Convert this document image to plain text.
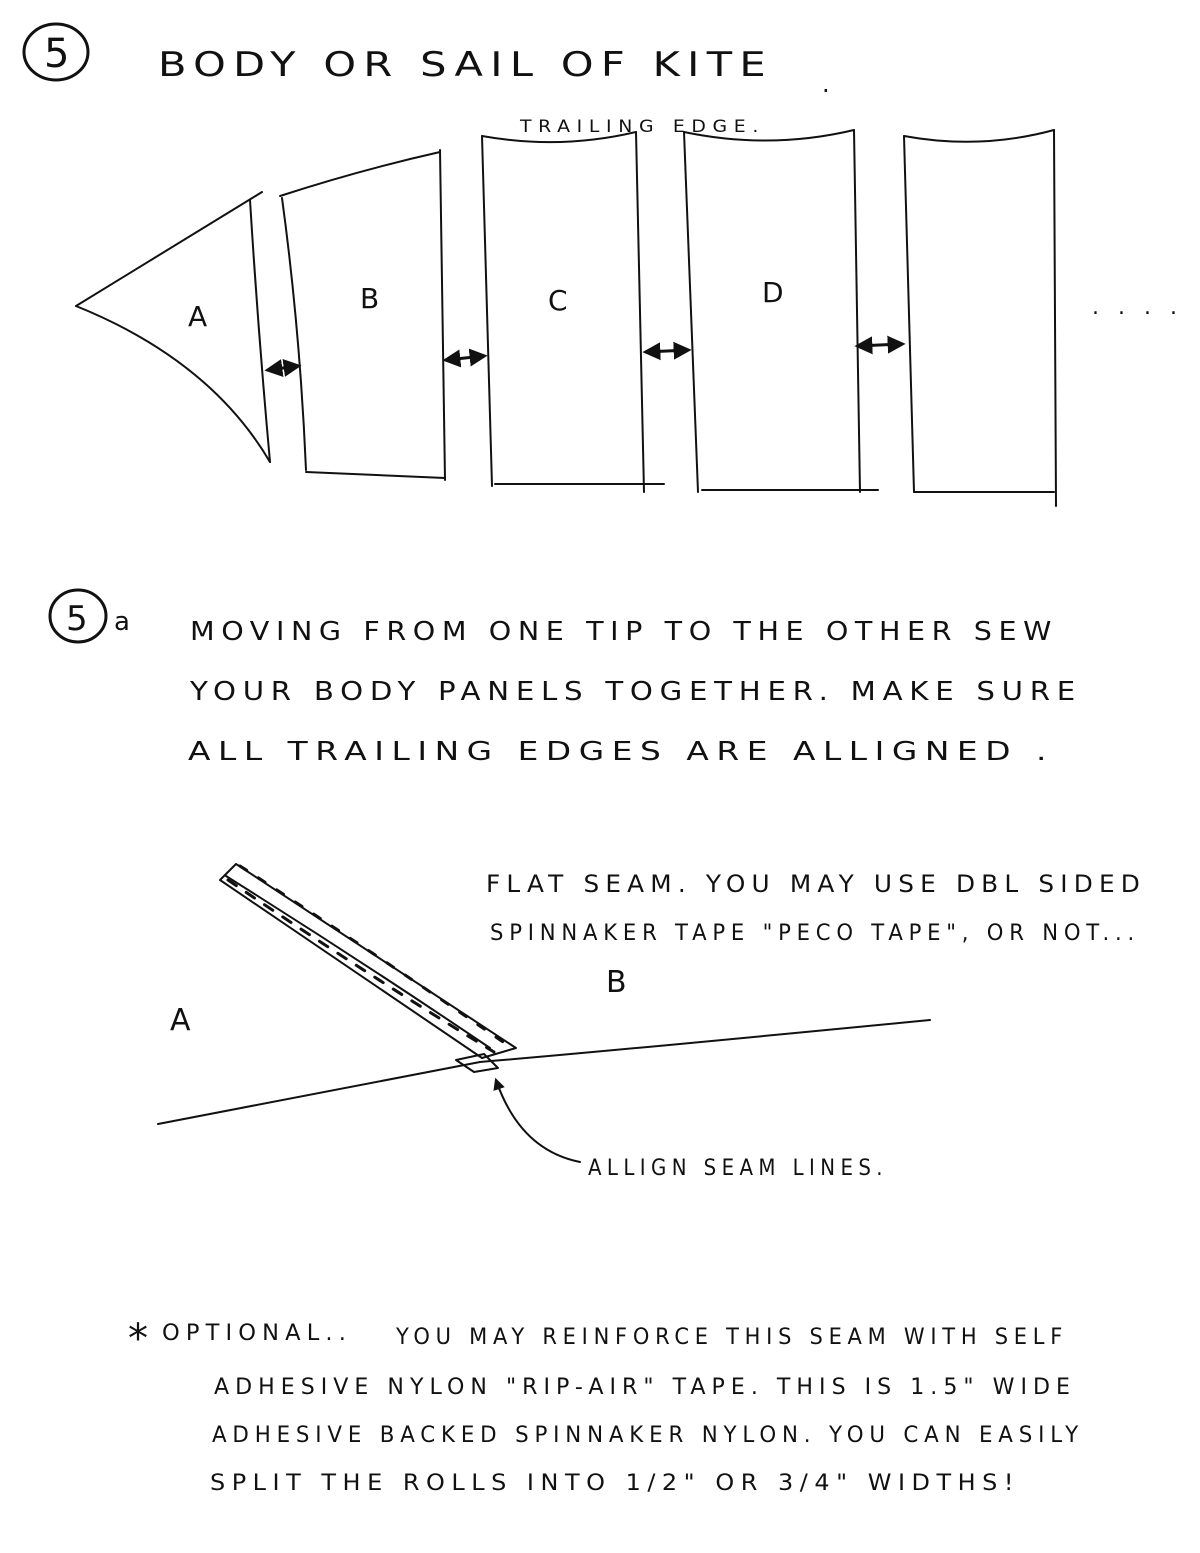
5 BODY OR SAIL OF KITE .
TRAILING EDGE.
A
B	C	D	. . . .
5 a MOVING FROM ONE TIP TO THE OTHER SEW
YOUR BODY PANELS TOGETHER. MAKE SURE
ALL TRAILING EDGES ARE ALLIGNED .
FLAT SEAM. YOU MAY USE DBL SIDED
SPINNAKER TAPE "PECO TAPE", OR NOT...
B
A
ALLIGN SEAM LINES.
* OPTIONAL.. YOU MAY REINFORCE THIS SEAM WITH SELF
ADHESIVE NYLON "RIP-AIR" TAPE. THIS IS 1.5" WIDE
ADHESIVE BACKED SPINNAKER NYLON. YOU CAN EASILY
SPLIT THE ROLLS INTO 1/2" OR 3/4" WIDTHS!
